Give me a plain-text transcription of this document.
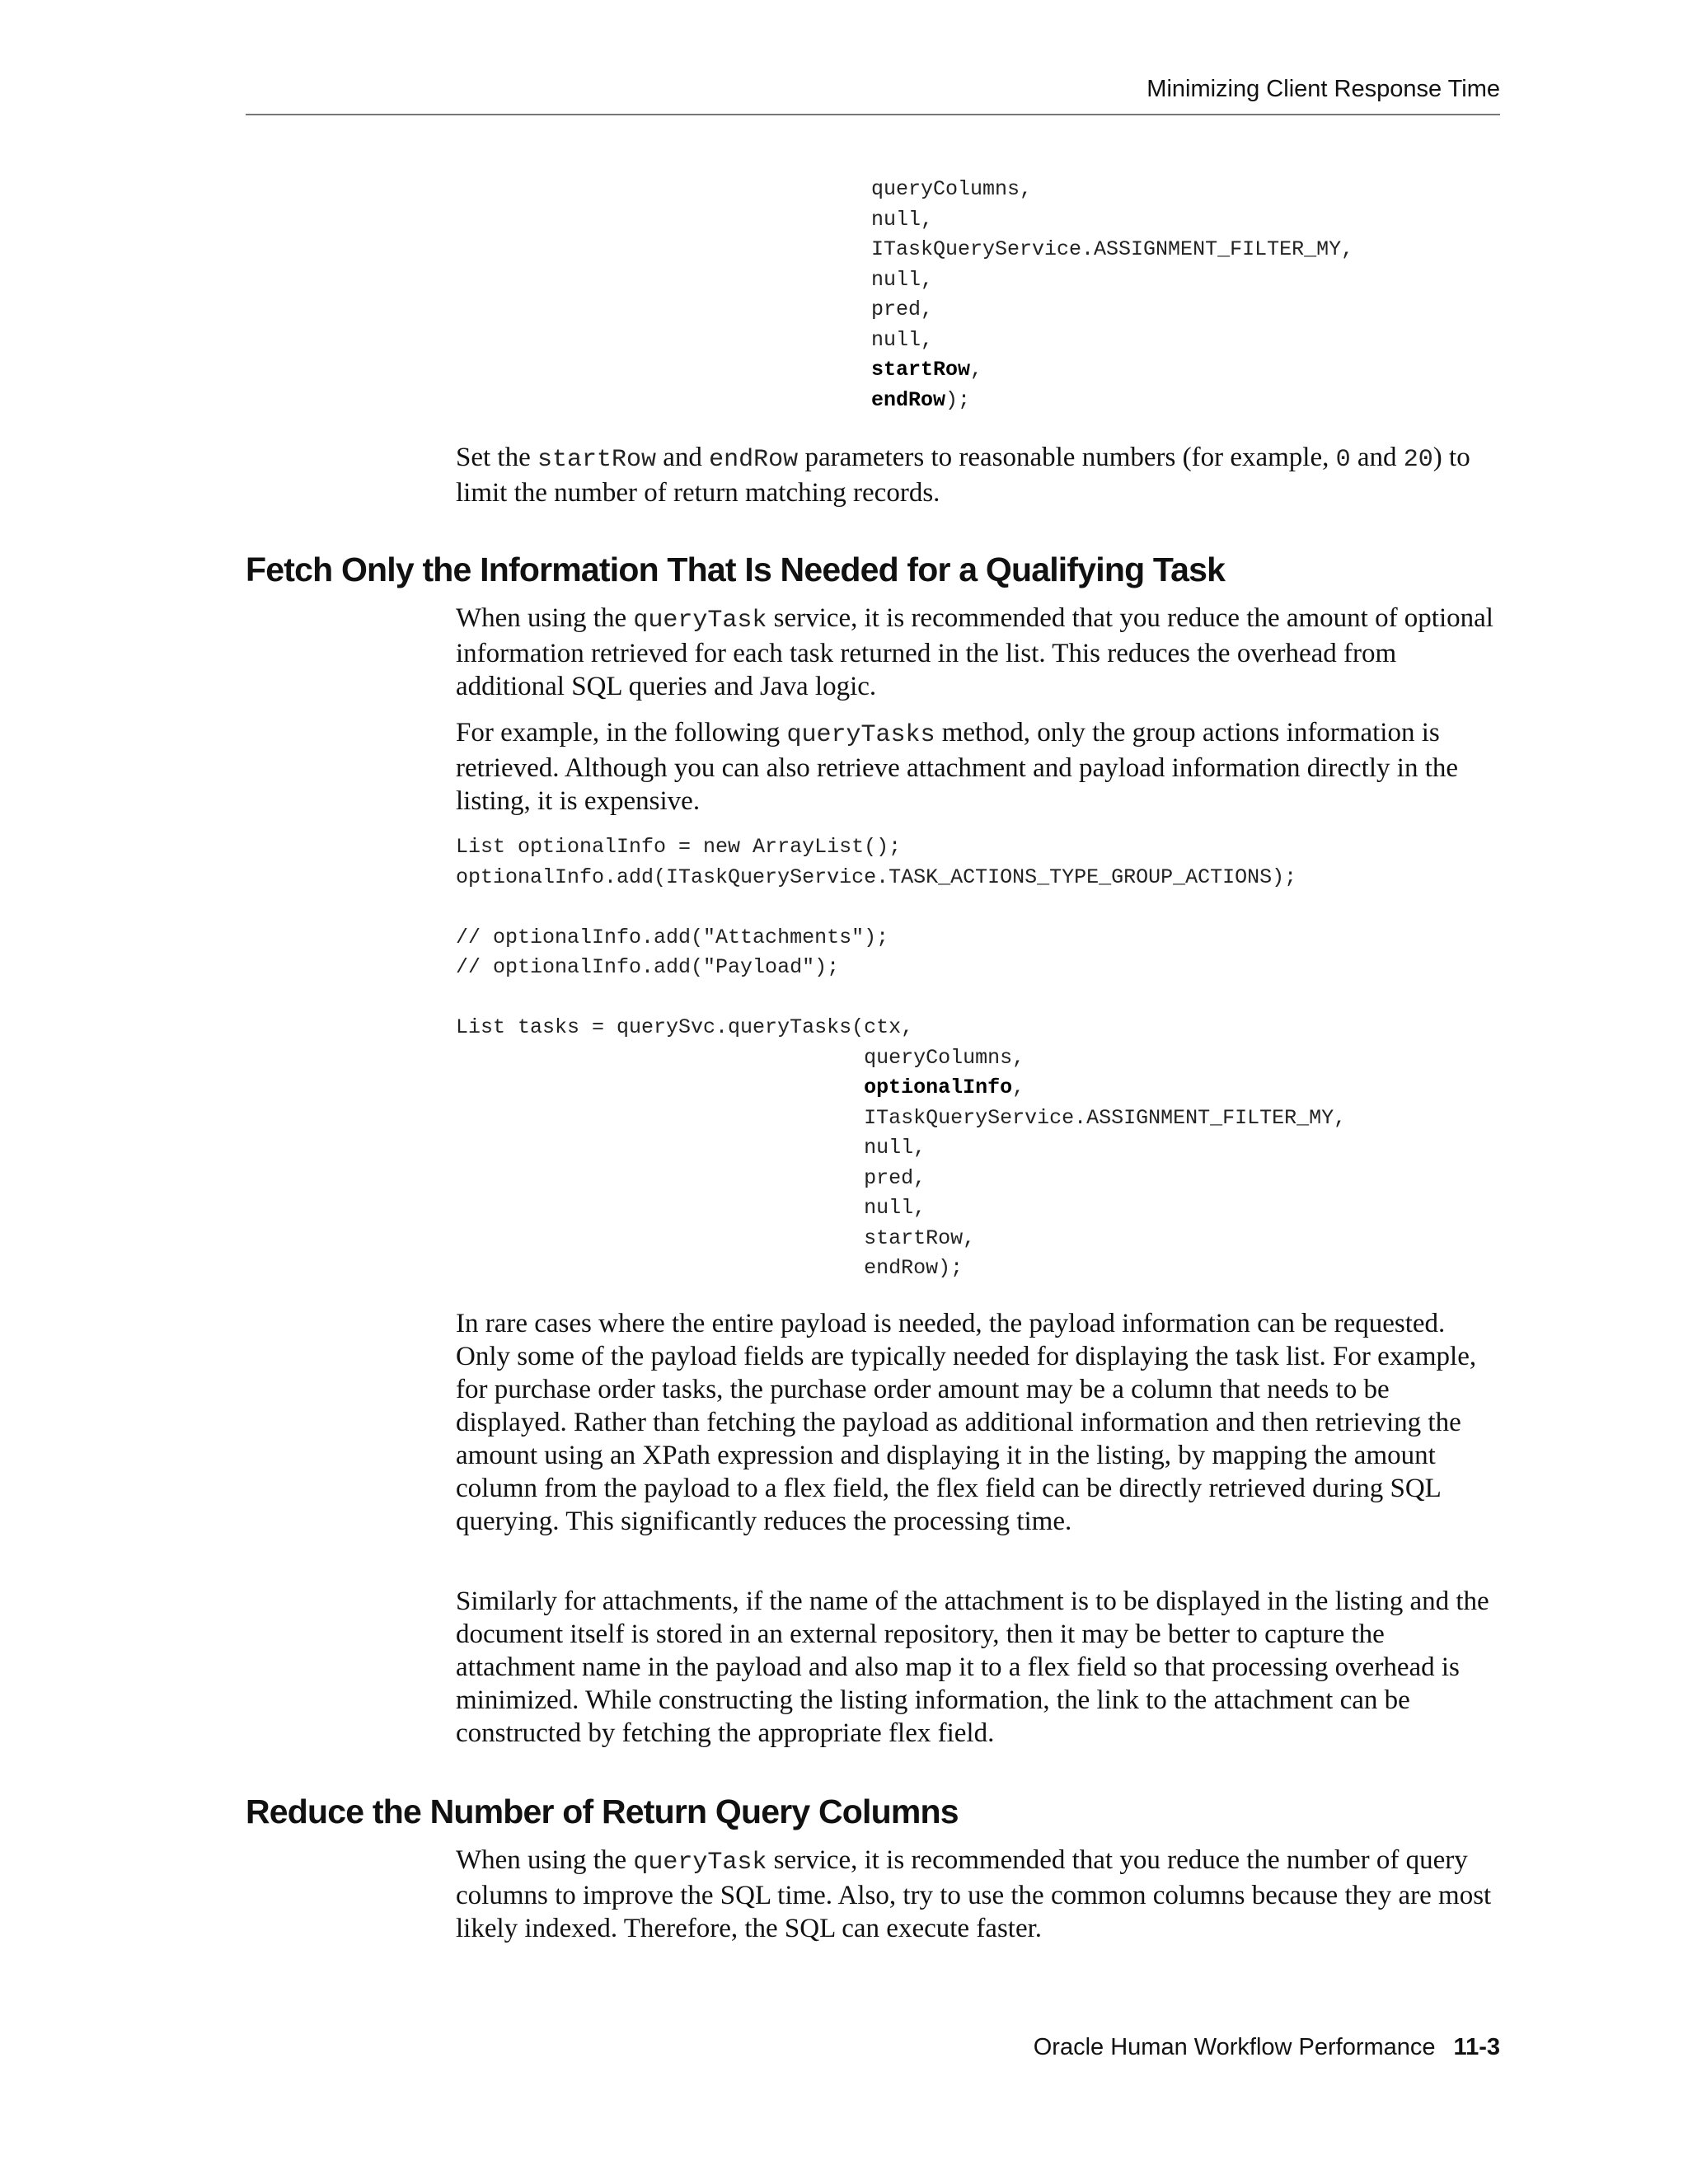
Minimizing Client Response Time
queryColumns,
null,
ITaskQueryService.ASSIGNMENT_FILTER_MY,
null,
pred,
null,
startRow,
endRow);

Set the startRow and endRow parameters to reasonable numbers (for example, 0 and 20) to limit the number of return matching records.

Fetch Only the Information That Is Needed for a Qualifying Task

When using the queryTask service, it is recommended that you reduce the amount of optional information retrieved for each task returned in the list. This reduces the overhead from additional SQL queries and Java logic.

For example, in the following queryTasks method, only the group actions information is retrieved. Although you can also retrieve attachment and payload information directly in the listing, it is expensive.

List optionalInfo = new ArrayList();
optionalInfo.add(ITaskQueryService.TASK_ACTIONS_TYPE_GROUP_ACTIONS);

// optionalInfo.add("Attachments");
// optionalInfo.add("Payload");

List tasks = querySvc.queryTasks(ctx,
queryColumns,
optionalInfo,
ITaskQueryService.ASSIGNMENT_FILTER_MY,
null,
pred,
null,
startRow,
endRow);

In rare cases where the entire payload is needed, the payload information can be requested. Only some of the payload fields are typically needed for displaying the task list. For example, for purchase order tasks, the purchase order amount may be a column that needs to be displayed. Rather than fetching the payload as additional information and then retrieving the amount using an XPath expression and displaying it in the listing, by mapping the amount column from the payload to a flex field, the flex field can be directly retrieved during SQL querying. This significantly reduces the processing time.

Similarly for attachments, if the name of the attachment is to be displayed in the listing and the document itself is stored in an external repository, then it may be better to capture the attachment name in the payload and also map it to a flex field so that processing overhead is minimized. While constructing the listing information, the link to the attachment can be constructed by fetching the appropriate flex field.

Reduce the Number of Return Query Columns

When using the queryTask service, it is recommended that you reduce the number of query columns to improve the SQL time. Also, try to use the common columns because they are most likely indexed. Therefore, the SQL can execute faster.

Oracle Human Workflow Performance 11-3
